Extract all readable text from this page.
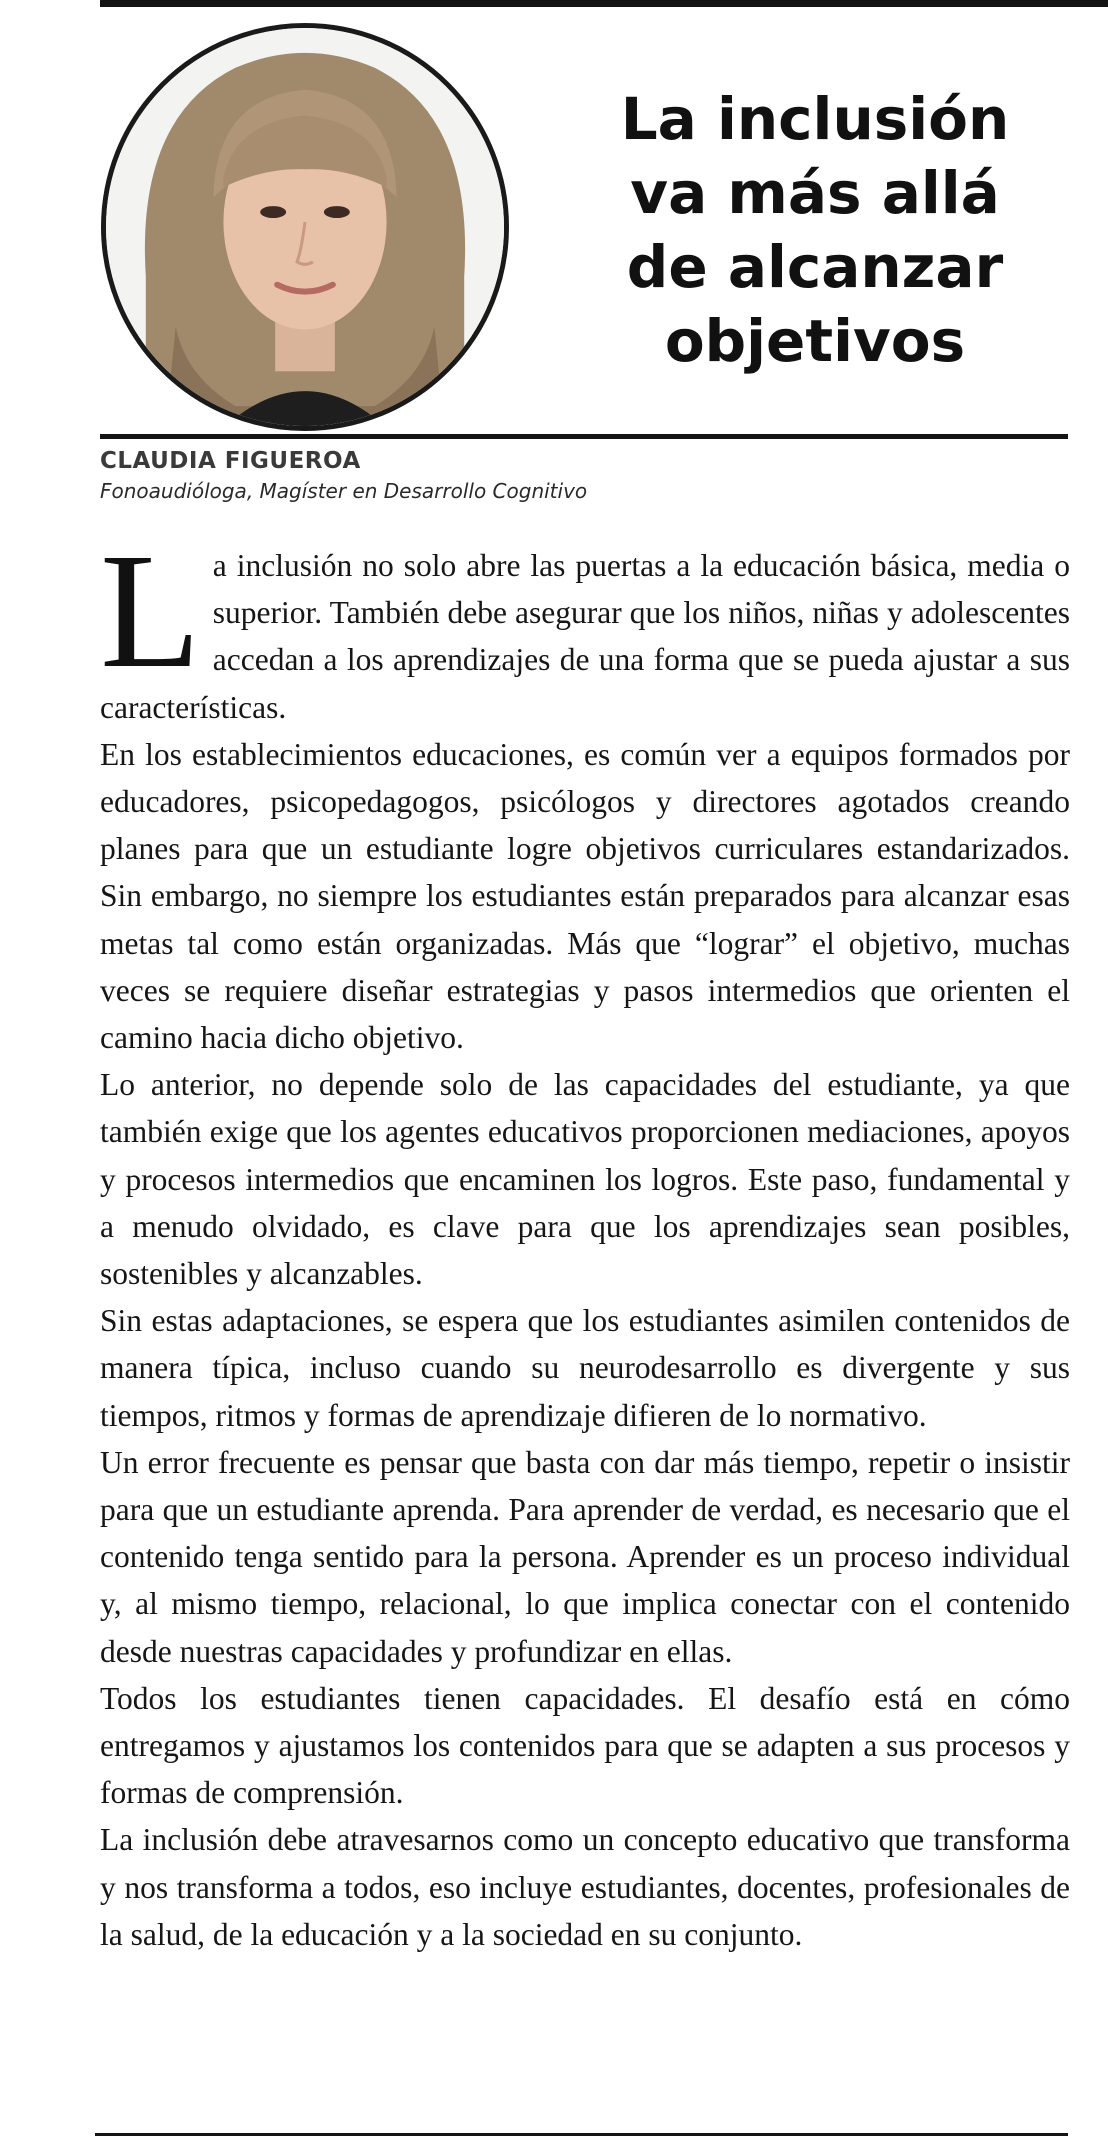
La inclusión
va más allá
de alcanzar
objetivos

CLAUDIA FIGUEROA

Fonoaudióloga, Magíster en Desarrollo Cognitivo

La inclusión no solo abre las puertas a la educación básica, media o superior. También debe asegurar que los niños, niñas y adolescentes accedan a los aprendizajes de una forma que se pueda ajustar a sus características.

En los establecimientos educaciones, es común ver a equipos formados por educadores, psicopedagogos, psicólogos y directores agotados creando planes para que un estudiante logre objetivos curriculares estandarizados. Sin embargo, no siempre los estudiantes están preparados para alcanzar esas metas tal como están organizadas. Más que “lograr” el objetivo, muchas veces se requiere diseñar estrategias y pasos intermedios que orienten el camino hacia dicho objetivo.

Lo anterior, no depende solo de las capacidades del estudiante, ya que también exige que los agentes educativos proporcionen mediaciones, apoyos y procesos intermedios que encaminen los logros. Este paso, fundamental y a menudo olvidado, es clave para que los aprendizajes sean posibles, sostenibles y alcanzables.

Sin estas adaptaciones, se espera que los estudiantes asimilen contenidos de manera típica, incluso cuando su neurodesarrollo es divergente y sus tiempos, ritmos y formas de aprendizaje difieren de lo normativo.

Un error frecuente es pensar que basta con dar más tiempo, repetir o insistir para que un estudiante aprenda. Para aprender de verdad, es necesario que el contenido tenga sentido para la persona. Aprender es un proceso individual y, al mismo tiempo, relacional, lo que implica conectar con el contenido desde nuestras capacidades y profundizar en ellas.

Todos los estudiantes tienen capacidades. El desafío está en cómo entregamos y ajustamos los contenidos para que se adapten a sus procesos y formas de comprensión.

La inclusión debe atravesarnos como un concepto educativo que transforma y nos transforma a todos, eso incluye estudiantes, docentes, profesionales de la salud, de la educación y a la sociedad en su conjunto.
